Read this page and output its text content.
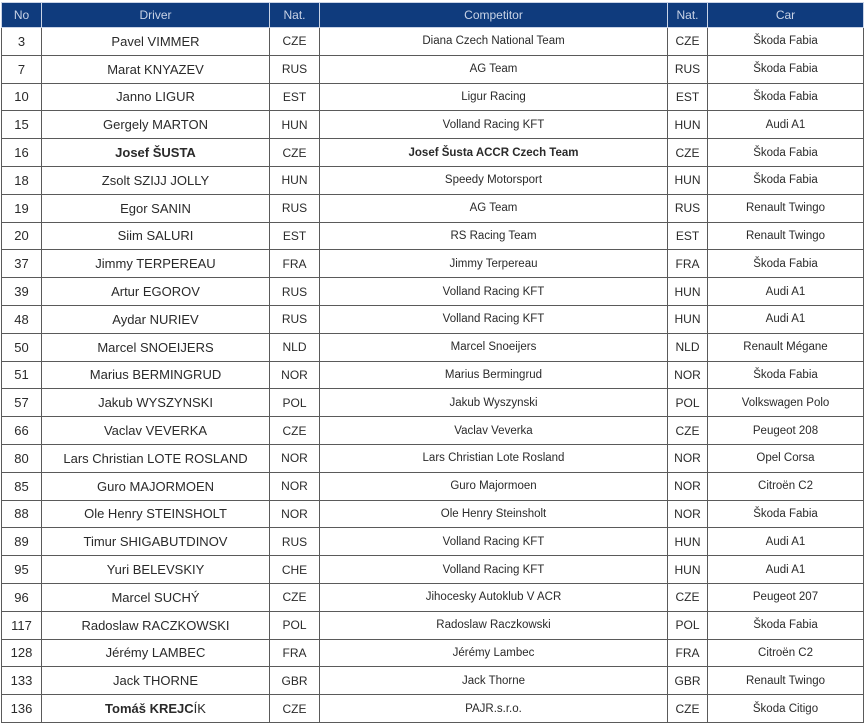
No	Driver	Nat.	Competitor	Nat.	Car
3	Pavel VIMMER	CZE	Diana Czech National Team	CZE	Škoda Fabia
7	Marat KNYAZEV	RUS	AG Team	RUS	Škoda Fabia
10	Janno LIGUR	EST	Ligur Racing	EST	Škoda Fabia
15	Gergely MARTON	HUN	Volland Racing KFT	HUN	Audi A1
16	Josef ŠUSTA	CZE	Josef Šusta ACCR Czech Team	CZE	Škoda Fabia
18	Zsolt SZIJJ JOLLY	HUN	Speedy Motorsport	HUN	Škoda Fabia
19	Egor SANIN	RUS	AG Team	RUS	Renault Twingo
20	Siim SALURI	EST	RS Racing Team	EST	Renault Twingo
37	Jimmy TERPEREAU	FRA	Jimmy Terpereau	FRA	Škoda Fabia
39	Artur EGOROV	RUS	Volland Racing KFT	HUN	Audi A1
48	Aydar NURIEV	RUS	Volland Racing KFT	HUN	Audi A1
50	Marcel SNOEIJERS	NLD	Marcel Snoeijers	NLD	Renault Mégane
51	Marius BERMINGRUD	NOR	Marius Bermingrud	NOR	Škoda Fabia
57	Jakub WYSZYNSKI	POL	Jakub Wyszynski	POL	Volkswagen Polo
66	Vaclav VEVERKA	CZE	Vaclav Veverka	CZE	Peugeot 208
80	Lars Christian LOTE ROSLAND	NOR	Lars Christian Lote Rosland	NOR	Opel Corsa
85	Guro MAJORMOEN	NOR	Guro Majormoen	NOR	Citroën C2
88	Ole Henry STEINSHOLT	NOR	Ole Henry Steinsholt	NOR	Škoda Fabia
89	Timur SHIGABUTDINOV	RUS	Volland Racing KFT	HUN	Audi A1
95	Yuri BELEVSKIY	CHE	Volland Racing KFT	HUN	Audi A1
96	Marcel SUCHÝ	CZE	Jihocesky Autoklub V ACR	CZE	Peugeot 207
117	Radoslaw RACZKOWSKI	POL	Radoslaw Raczkowski	POL	Škoda Fabia
128	Jérémy LAMBEC	FRA	Jérémy Lambec	FRA	Citroën C2
133	Jack THORNE	GBR	Jack Thorne	GBR	Renault Twingo
136	Tomáš KREJCÍK	CZE	PAJR.s.r.o.	CZE	Škoda Citigo
